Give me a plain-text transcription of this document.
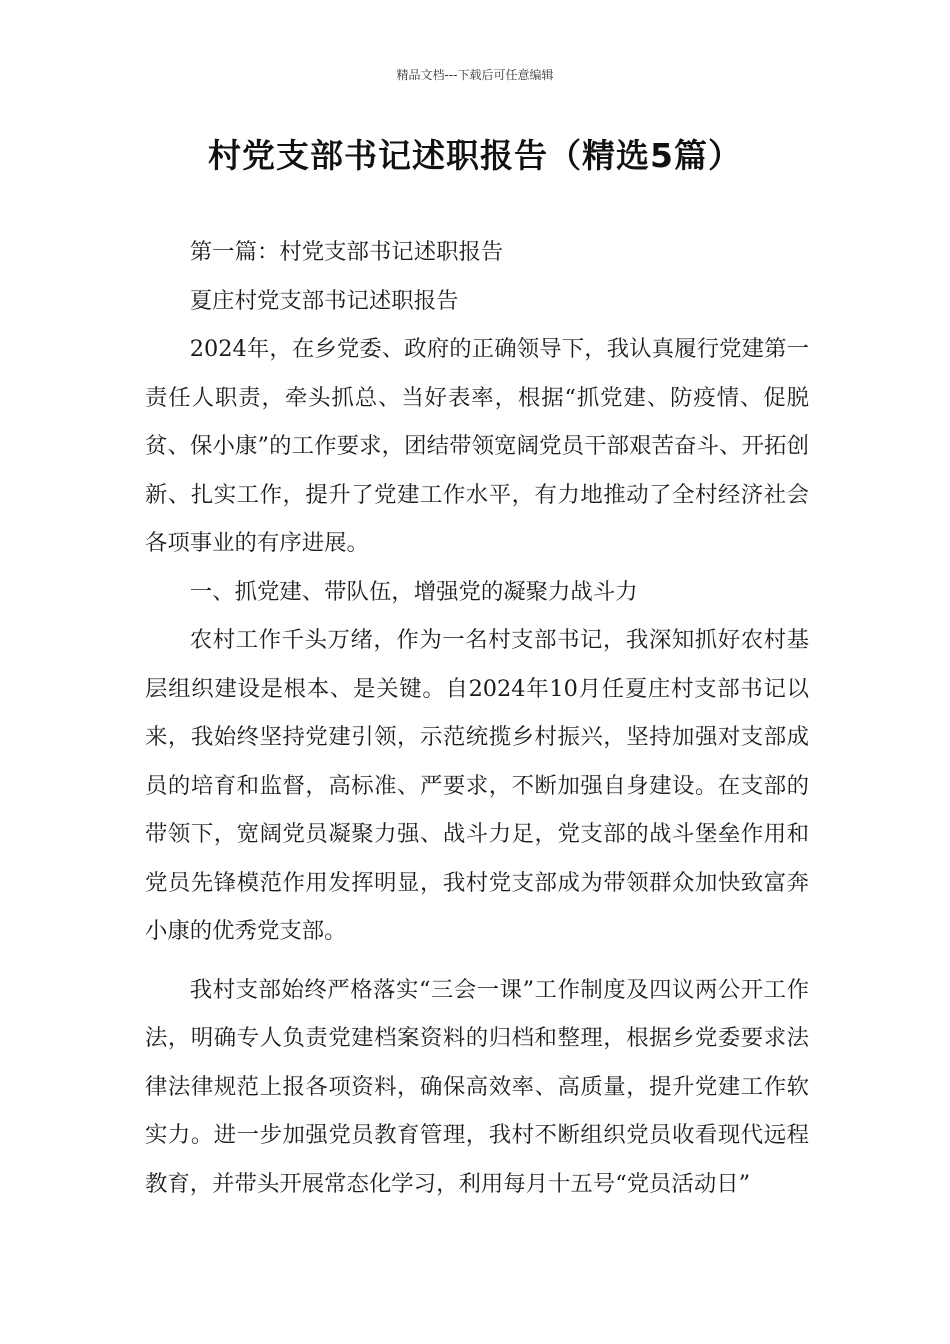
精品文档---下载后可任意编辑
村党支部书记述职报告（精选5篇）

第一篇：村党支部书记述职报告

夏庄村党支部书记述职报告

2024年，在乡党委、政府的正确领导下，我认真履行党建第一责任人职责，牵头抓总、当好表率，根据“抓党建、防疫情、促脱贫、保小康”的工作要求，团结带领宽阔党员干部艰苦奋斗、开拓创新、扎实工作，提升了党建工作水平，有力地推动了全村经济社会各项事业的有序进展。

一、抓党建、带队伍，增强党的凝聚力战斗力

农村工作千头万绪，作为一名村支部书记，我深知抓好农村基层组织建设是根本、是关键。自2024年10月任夏庄村支部书记以来，我始终坚持党建引领，示范统揽乡村振兴，坚持加强对支部成员的培育和监督，高标准、严要求，不断加强自身建设。在支部的带领下，宽阔党员凝聚力强、战斗力足，党支部的战斗堡垒作用和党员先锋模范作用发挥明显，我村党支部成为带领群众加快致富奔小康的优秀党支部。

我村支部始终严格落实“三会一课”工作制度及四议两公开工作法，明确专人负责党建档案资料的归档和整理，根据乡党委要求法律法律规范上报各项资料，确保高效率、高质量，提升党建工作软实力。进一步加强党员教育管理，我村不断组织党员收看现代远程教育，并带头开展常态化学习，利用每月十五号“党员活动日”
